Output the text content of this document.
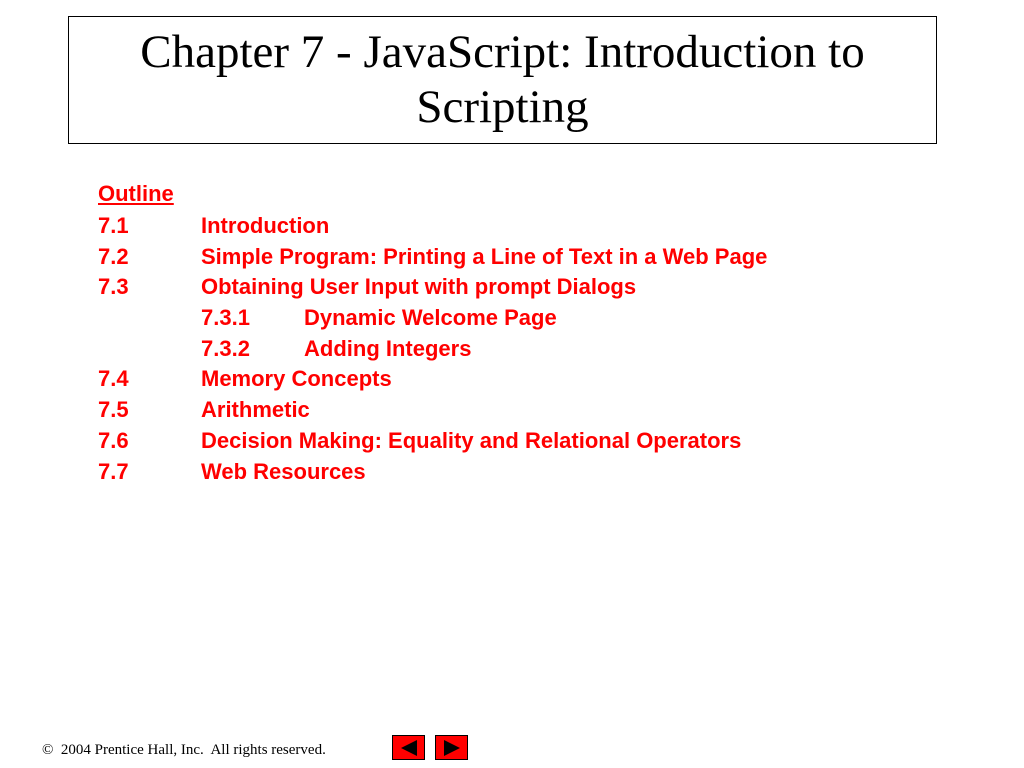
Chapter 7 - JavaScript: Introduction to Scripting
Outline
7.1	Introduction
7.2	Simple Program: Printing a Line of Text in a Web Page
7.3	Obtaining User Input with prompt Dialogs
7.3.1 Dynamic Welcome Page
7.3.2 Adding Integers
7.4	Memory Concepts
7.5	Arithmetic
7.6	Decision Making: Equality and Relational Operators
7.7	Web Resources
©  2004 Prentice Hall, Inc.  All rights reserved.
